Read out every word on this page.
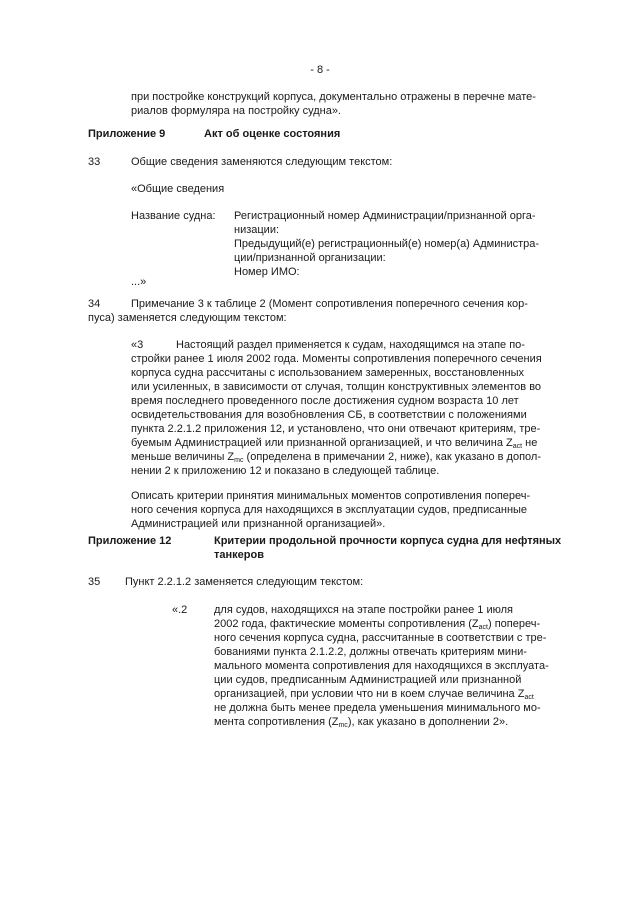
- 8 -
при постройке конструкций корпуса, документально отражены в перечне мате-
риалов формуляра на постройку судна».
Приложение 9	Акт об оценке состояния
33	Общие сведения заменяются следующим текстом:
«Общие сведения
Название судна: Регистрационный номер Администрации/признанной орга-
низации:
Предыдущий(е) регистрационный(е) номер(а) Администра-
ции/признанной организации:
Номер ИМО:
...»
34	Примечание 3 к таблице 2 (Момент сопротивления поперечного сечения кор-
пуса) заменяется следующим текстом:
«3	Настоящий раздел применяется к судам, находящимся на этапе по-
стройки ранее 1 июля 2002 года. Моменты сопротивления поперечного сечения
корпуса судна рассчитаны с использованием замеренных, восстановленных
или усиленных, в зависимости от случая, толщин конструктивных элементов во
время последнего проведенного после достижения судном возраста 10 лет
освидетельствования для возобновления СБ, в соответствии с положениями
пункта 2.2.1.2 приложения 12, и установлено, что они отвечают критериям, тре-
буемым Администрацией или признанной организацией, и что величина $Z_{act}$ не
меньше величины $Z_{mc}$ (определена в примечании 2, ниже), как указано в допол-
нении 2 к приложению 12 и показано в следующей таблице.
Описать критерии принятия минимальных моментов сопротивления попереч-
ного сечения корпуса для находящихся в эксплуатации судов, предписанные
Администрацией или признанной организацией».
Приложение 12	Критерии продольной прочности корпуса судна для нефтяных
танкеров
35 Пункт 2.2.1.2 заменяется следующим текстом:
«.2 для судов, находящихся на этапе постройки ранее 1 июля
2002 года, фактические моменты сопротивления $(Z_{act})$ попереч-
ного сечения корпуса судна, рассчитанные в соответствии с тре-
бованиями пункта 2.1.2.2, должны отвечать критериям мини-
мального момента сопротивления для находящихся в эксплуата-
ции судов, предписанным Администрацией или признанной
организацией, при условии что ни в коем случае величина $Z_{act}$
не должна быть менее предела уменьшения минимального мо-
мента сопротивления $(Z_{mc})$, как указано в дополнении 2».
